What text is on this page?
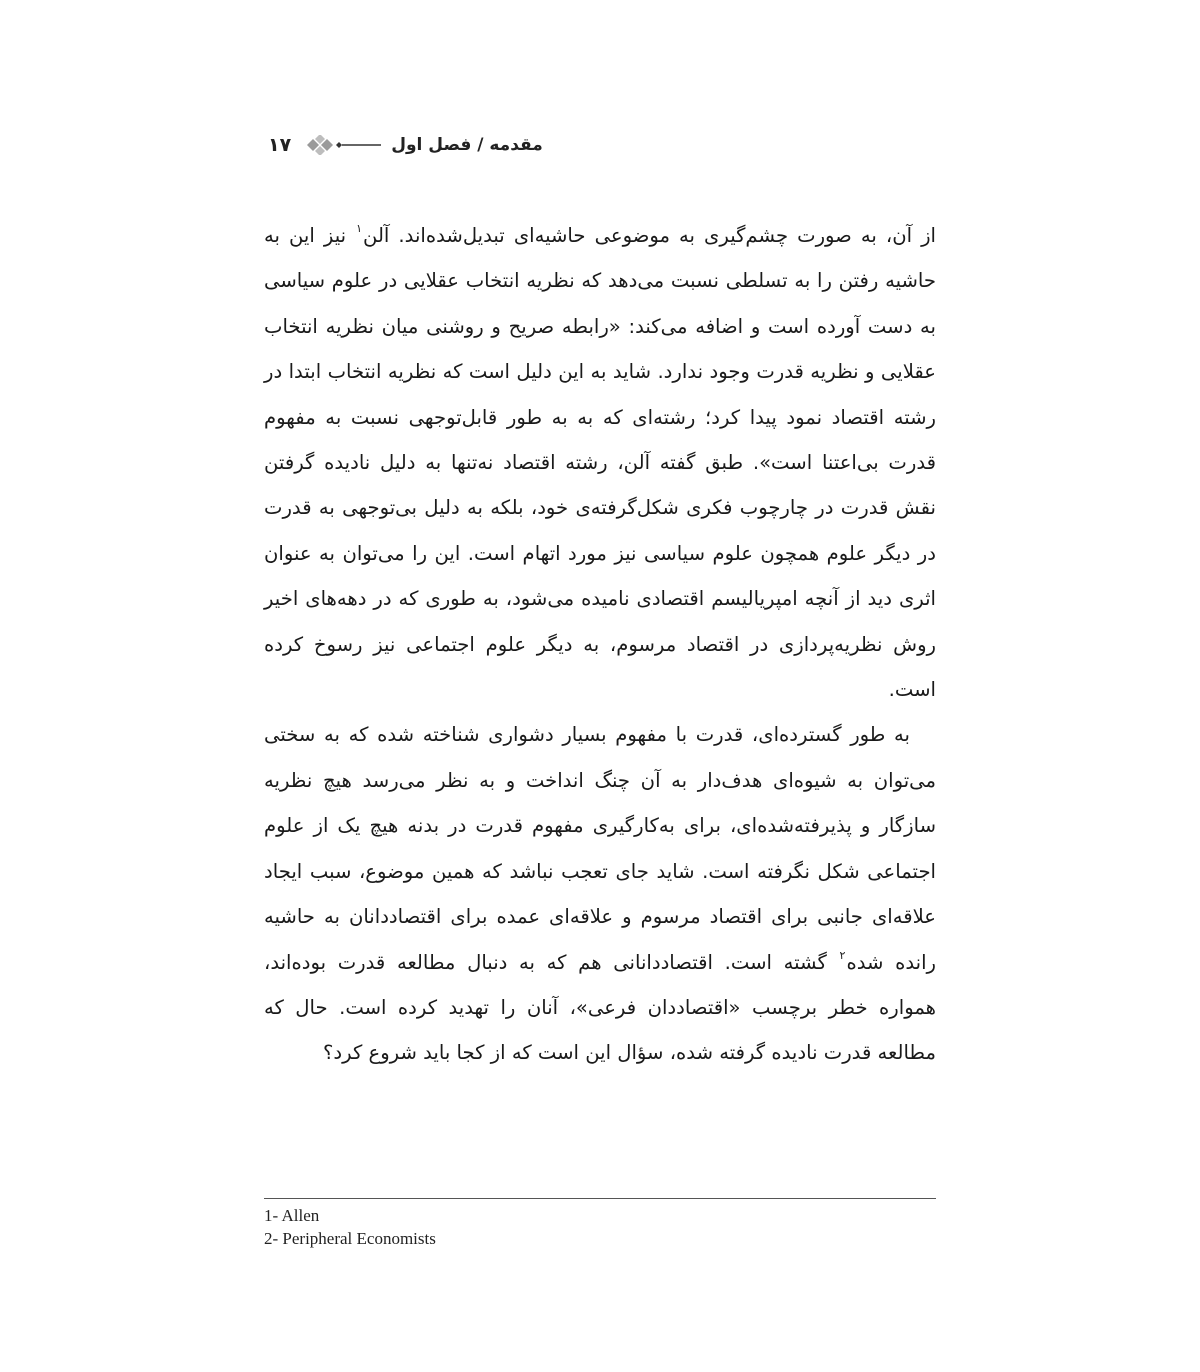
۱۷	مقدمه / فصل اول

از آن، به صورت چشم‌گیری به موضوعی حاشیه‌ای تبدیل‌شده‌اند. آلن$^۱$ نیز این به حاشیه رفتن را به تسلطی نسبت می‌دهد که نظریه انتخاب عقلایی در علوم سیاسی به دست آورده است و اضافه می‌کند: «رابطه صریح و روشنی میان نظریه انتخاب عقلایی و نظریه قدرت وجود ندارد. شاید به این دلیل است که نظریه انتخاب ابتدا در رشته اقتصاد نمود پیدا کرد؛ رشته‌ای که به به طور قابل‌توجهی نسبت به مفهوم قدرت بی‌اعتنا است». طبق گفته آلن، رشته اقتصاد نه‌تنها به دلیل نادیده گرفتن نقش قدرت در چارچوب فکری شکل‌گرفته‌ی خود، بلکه به دلیل بی‌توجهی به قدرت در دیگر علوم همچون علوم سیاسی نیز مورد اتهام است. این را می‌توان به عنوان اثری دید از آنچه امپریالیسم اقتصادی نامیده می‌شود، به طوری که در دهه‌های اخیر روش نظریه‌پردازی در اقتصاد مرسوم، به دیگر علوم اجتماعی نیز رسوخ کرده است.

به طور گسترده‌ای، قدرت با مفهوم بسیار دشواری شناخته شده که به سختی می‌توان به شیوه‌ای هدف‌دار به آن چنگ انداخت و به نظر می‌رسد هیچ نظریه سازگار و پذیرفته‌شده‌ای، برای به‌کارگیری مفهوم قدرت در بدنه هیچ یک از علوم اجتماعی شکل نگرفته است. شاید جای تعجب نباشد که همین موضوع، سبب ایجاد علاقه‌ای جانبی برای اقتصاد مرسوم و علاقه‌ای عمده برای اقتصاددانان به حاشیه رانده شده$^۲$ گشته است. اقتصاددانانی هم که به دنبال مطالعه قدرت بوده‌اند، همواره خطر برچسب «اقتصاددان فرعی»، آنان را تهدید کرده است. حال که مطالعه قدرت نادیده گرفته شده، سؤال این است که از کجا باید شروع کرد؟

1- Allen
2- Peripheral Economists
